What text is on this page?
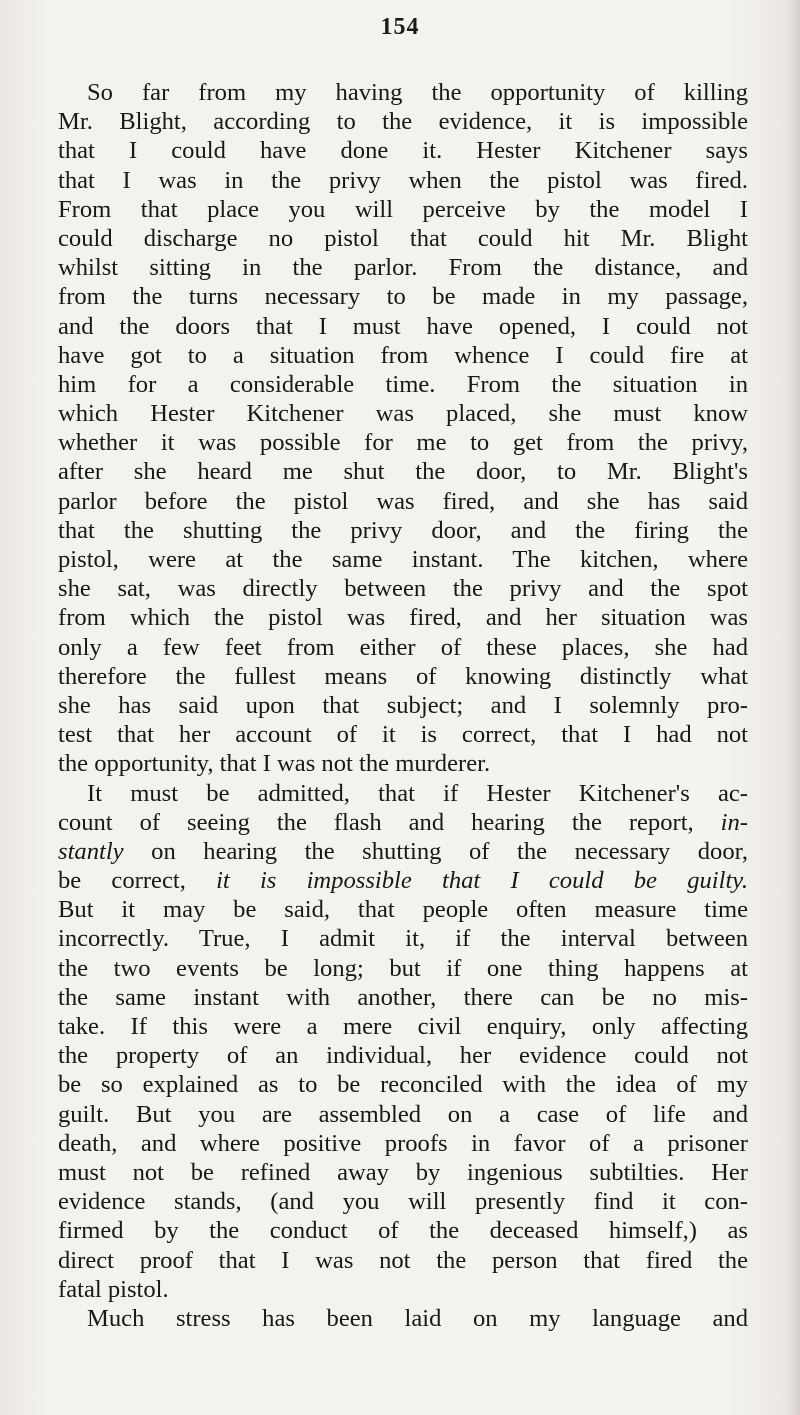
154
So far from my having the opportunity of killing
Mr. Blight, according to the evidence, it is impossible
that I could have done it. Hester Kitchener says
that I was in the privy when the pistol was fired.
From that place you will perceive by the model I
could discharge no pistol that could hit Mr. Blight
whilst sitting in the parlor. From the distance, and
from the turns necessary to be made in my passage,
and the doors that I must have opened, I could not
have got to a situation from whence I could fire at
him for a considerable time. From the situation in
which Hester Kitchener was placed, she must know
whether it was possible for me to get from the privy,
after she heard me shut the door, to Mr. Blight's
parlor before the pistol was fired, and she has said
that the shutting the privy door, and the firing the
pistol, were at the same instant. The kitchen, where
she sat, was directly between the privy and the spot
from which the pistol was fired, and her situation was
only a few feet from either of these places, she had
therefore the fullest means of knowing distinctly what
she has said upon that subject; and I solemnly pro-
test that her account of it is correct, that I had not
the opportunity, that I was not the murderer.
It must be admitted, that if Hester Kitchener's ac-
count of seeing the flash and hearing the report, in-
stantly on hearing the shutting of the necessary door,
be correct, it is impossible that I could be guilty.
But it may be said, that people often measure time
incorrectly. True, I admit it, if the interval between
the two events be long; but if one thing happens at
the same instant with another, there can be no mis-
take. If this were a mere civil enquiry, only affecting
the property of an individual, her evidence could not
be so explained as to be reconciled with the idea of my
guilt. But you are assembled on a case of life and
death, and where positive proofs in favor of a prisoner
must not be refined away by ingenious subtilties. Her
evidence stands, (and you will presently find it con-
firmed by the conduct of the deceased himself,) as
direct proof that I was not the person that fired the
fatal pistol.
Much stress has been laid on my language and
